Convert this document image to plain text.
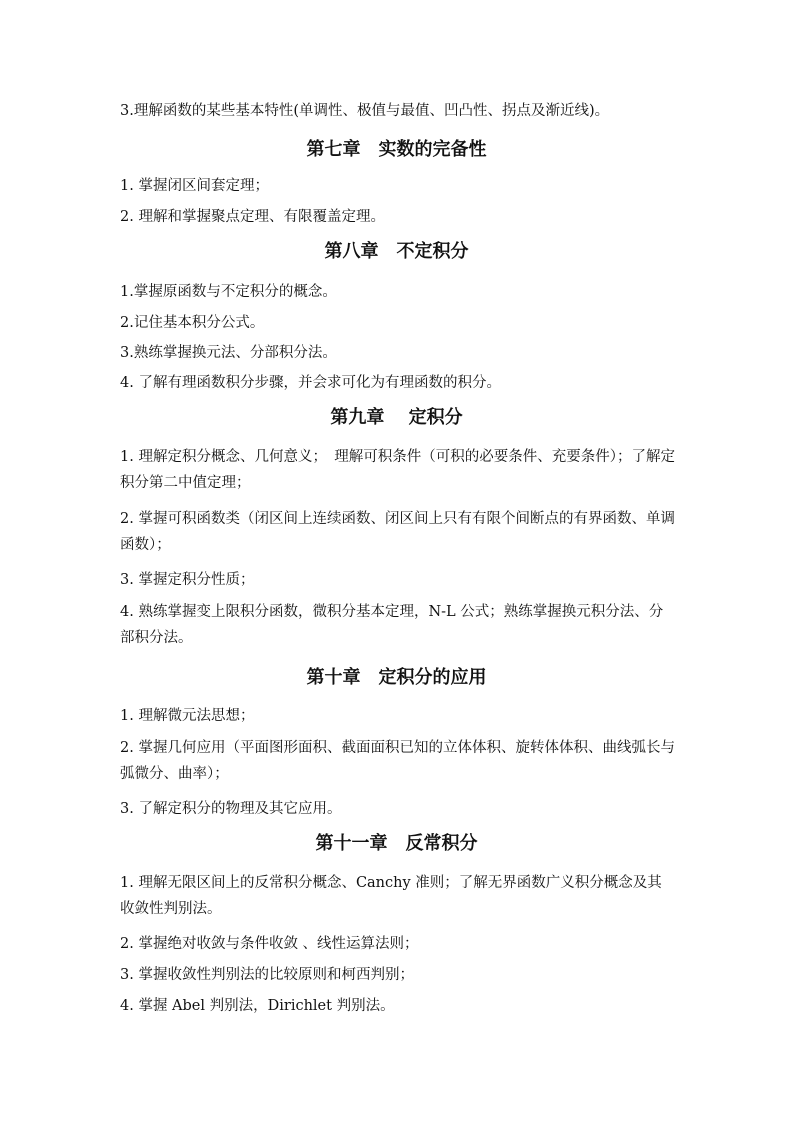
3.理解函数的某些基本特性(单调性、极值与最值、凹凸性、拐点及渐近线)。

第七章　实数的完备性

1. 掌握闭区间套定理；

2. 理解和掌握聚点定理、有限覆盖定理。

第八章　不定积分

1.掌握原函数与不定积分的概念。

2.记住基本积分公式。

3.熟练掌握换元法、分部积分法。

4. 了解有理函数积分步骤，并会求可化为有理函数的积分。

第九章　 定积分

1. 理解定积分概念、几何意义；　理解可积条件（可积的必要条件、充要条件）；了解定积分第二中值定理；

2. 掌握可积函数类（闭区间上连续函数、闭区间上只有有限个间断点的有界函数、单调函数）；

3. 掌握定积分性质；

4. 熟练掌握变上限积分函数，微积分基本定理，N-L 公式；熟练掌握换元积分法、分部积分法。

第十章　定积分的应用

1. 理解微元法思想；

2. 掌握几何应用（平面图形面积、截面面积已知的立体体积、旋转体体积、曲线弧长与弧微分、曲率）；

3. 了解定积分的物理及其它应用。

第十一章　反常积分

1. 理解无限区间上的反常积分概念、Canchy 准则；了解无界函数广义积分概念及其收敛性判别法。

2. 掌握绝对收敛与条件收敛 、线性运算法则；

3. 掌握收敛性判别法的比较原则和柯西判别；

4. 掌握 Abel 判别法，Dirichlet 判别法。
